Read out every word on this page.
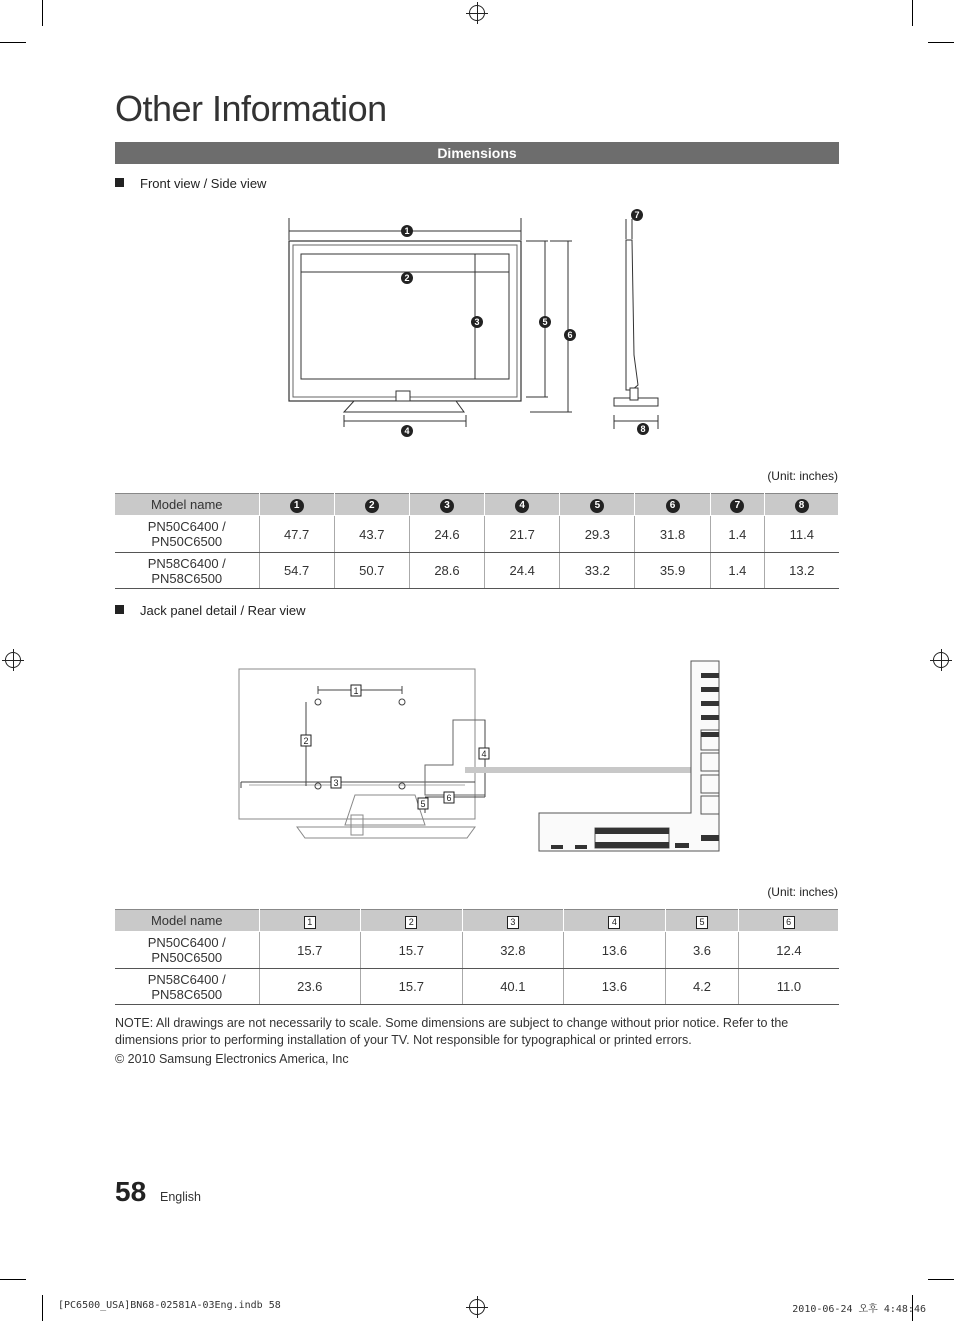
Other Information
Dimensions
Front view / Side view
1
2
3
4
5
6
7
8
(Unit: inches)
Model name	1	2	3	4	5	6	7	8
PN50C6400 /
PN50C6500	47.7	43.7	24.6	21.7	29.3	31.8	1.4	11.4
PN58C6400 /
PN58C6500	54.7	50.7	28.6	24.4	33.2	35.9	1.4	13.2
Jack panel detail / Rear view
1
2
3
4
5
6
(Unit: inches)
Model name	1	2	3	4	5	6
PN50C6400 /
PN50C6500	15.7	15.7	32.8	13.6	3.6	12.4
PN58C6400 /
PN58C6500	23.6	15.7	40.1	13.6	4.2	11.0
NOTE: All drawings are not necessarily to scale. Some dimensions are subject to change without prior notice. Refer to the dimensions prior to performing installation of your TV. Not responsible for typographical or printed errors.
© 2010 Samsung Electronics America, Inc
58 English
[PC6500_USA]BN68-02581A-03Eng.indb 58	2010-06-24 오후 4:48:46
